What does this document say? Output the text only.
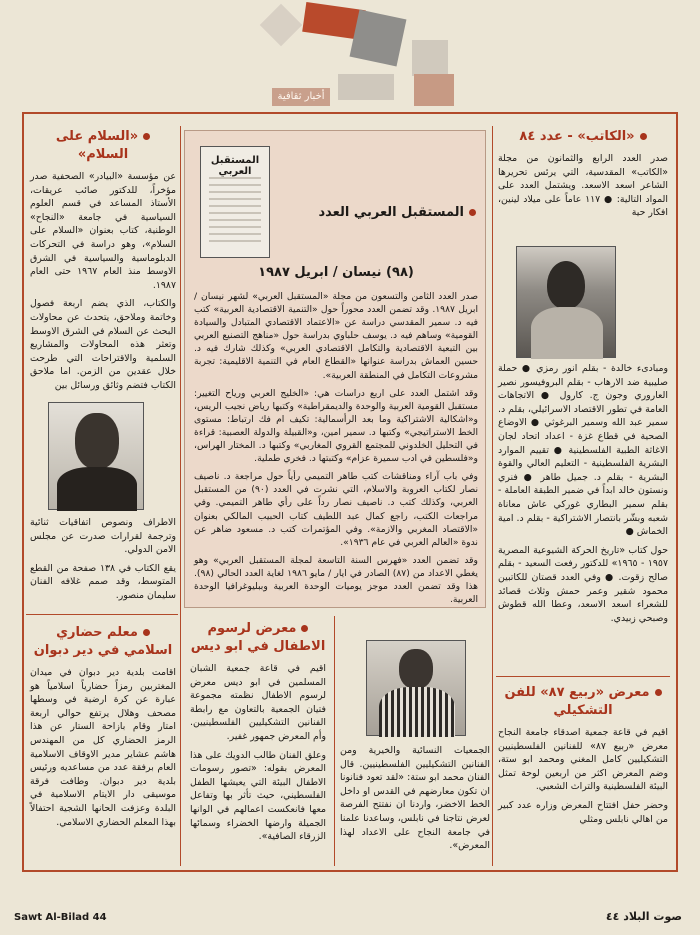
أخبار ثقافية
«الكاتب» - عدد ٨٤

صدر العدد الرابع والثمانون من مجلة «الكاتب» المقدسية، التي يرئس تحريرها الشاعر اسعد الاسعد. ويشتمل العدد على المواد التالية: ● ١١٧ عاماً على ميلاد لينين، افكار حية

ومبادىء خالدة - بقلم انور رمزي ● حملة صليبية ضد الارهاب - بقلم البروفيسور نصير العاروري وجون ج. كارول ● الاتجاهات العامة في تطور الاقتصاد الاسرائيلي، بقلم د. سمير عبد الله وسمير البرغوثي ● الاوضاع الصحية في قطاع غزة - اعداد اتحاد لجان الاغاثة الطبية الفلسطينية ● تقييم الموارد البشرية الفلسطينية - التعليم العالي والقوة البشرية - بقلم د. جميل طاهر ● فنري ونستون خالد ابداً في ضمير الطبقة العاملة - بقلم سمير البطاري غوركي عاش معاناة شعبه وبشّر بانتصار الاشتراكية - بقلم د. امية الخماش ●

حول كتاب «تاريخ الحركة الشيوعية المصرية ١٩٥٧ - ١٩٦٥» للدكتور رفعت السعيد - بقلم صالح زقوت. ● وفي العدد قصتان للكاتبين محمود شقير وعمر حمش وثلاث قصائد للشعراء اسعد الاسعد، وعطا الله قطوش وصبحي زبيدي.

معرض «ربيع ٨٧» للفن التشكيلي

اقيم في قاعة جمعية اصدقاء جامعة النجاح معرض «ربيع ٨٧» للفنانين الفلسطينيين التشكيليين كامل المغني ومحمد ابو ستة، وضم المعرض اكثر من اربعين لوحة تمثل البيئة الفلسطينية والتراث الشعبي.

وحضر حفل افتتاح المعرض وزاره عدد كبير من اهالي نابلس ومثلي

المستقبل العربي
المستقبل العربي العدد
(٩٨) نيسان / ابريل ١٩٨٧

صدر العدد الثامن والتسعون من مجلة «المستقبل العربي» لشهر نيسان / ابريل ١٩٨٧. وقد تضمن العدد محوراً حول «التنمية الاقتصادية العربية» كتب فيه د. سمير المقدسي دراسة عن «الاعتماد الاقتصادي المتبادل والسيادة القومية» وساهم فيه د. يوسف حلباوي بدراسة حول «مناهج التصنيع العربي بين التبعية الاقتصادية والتكامل الاقتصادي العربي» وكذلك شارك فيه د. حسين العماش بدراسة عنوانها «القطاع العام في التنمية الاقليمية: تجربة مشروعات التكامل في المنطقة العربية».

وقد اشتمل العدد على اربع دراسات هي: «الخليج العربي ورياح التغيير: مستقبل القومية العربية والوحدة والديمقراطية» وكتبها رياض نجيب الريس، و«اشكالية الاشتراكية وما بعد الرأسمالية: تكيف ام فك ارتباط: مستوى الخط الاستراتيجي» وكتبها د. سمير امين، و«القبيلة والدولة العصبية: قراءة في التحليل الخلدوني للمجتمع القروي المغاربي» وكتبها د. المختار الهراس، و«فلسطين في ادب سميرة عزام» وكتبتها د. فخري طملية.

وفي باب آراء ومناقشات كتب طاهر التميمي رأياً حول مراجعة د. ناصيف نصار لكتاب العروبة والاسلام، التي نشرت في العدد (٩٠) من المستقبل العربي، وكذلك كتب د. ناصيف نصار رداً على رأي طاهر التميمي. وفي مراجعات الكتب، راجع كمال عبد اللطيف كتاب الحبيب المالكي بعنوان «الاقتصاد المغربي والازمة». وفي المؤتمرات كتب د. مسعود ضاهر عن ندوة «العالم العربي في عام ١٩٣٦».

وقد تضمن العدد «فهرس السنة التاسعة لمجلة المستقبل العربي» وهو يغطي الاعداد من (٨٧) الصادر في ايار / مايو ١٩٨٦ لغاية العدد الحالي (٩٨). هذا وقد تضمن العدد موجز يوميات الوحدة العربية وببليوغرافيا الوحدة العربية.

«السلام على السلام»

عن مؤسسة «البيادر» الصحفية صدر مؤخراً، للدكتور صائب عريقات، الأستاذ المساعد في قسم العلوم السياسية في جامعة «النجاح» الوطنية، كتاب بعنوان «السلام على السلام»، وهو دراسة في التحركات الدبلوماسية والسياسية في الشرق الاوسط منذ العام ١٩٦٧ حتى العام ١٩٨٧.

والكتاب، الذي يضم اربعة فصول وخاتمة وملاحق، يتحدث عن محاولات البحث عن السلام في الشرق الاوسط وتعثر هذه المحاولات والمشاريع السلمية والاقتراحات التي طرحت خلال عقدين من الزمن. اما ملاحق الكتاب فتضم وثائق ورسائل بين

الاطراف ونصوص اتفاقيات ثنائية وترجمة لقرارات صدرت عن مجلس الامن الدولي.

يقع الكتاب في ١٣٨ صفحة من القطع المتوسط، وقد صمم غلافه الفنان سليمان منصور.

معلم حضاري اسلامي في دير دبوان

اقامت بلدية دير دبوان في ميدان المغتربين رمزاً حضارياً اسلامياً هو عبارة عن كرة ارضية في وسطها مصحف وهلال يرتفع حوالي اربعة امتار وقام بازاحة الستار عن هذا الرمز الحضاري كل من المهندس هاشم عشاير مدير الاوقاف الاسلامية العام برفقة عدد من مساعديه ورئيس بلدية دير دبوان. وطافت فرقة موسيقى دار الايتام الاسلامية في البلدة وعزفت الحانها الشجية احتفالاً بهذا المعلم الحضاري الاسلامي.

معرض لرسوم الاطفال في ابو ديس

اقيم في قاعة جمعية الشبان المسلمين في ابو ديس معرض لرسوم الاطفال نظمته مجموعة فتيان الجمعية بالتعاون مع رابطة الفنانين التشكيليين الفلسطينيين. وأم المعرض جمهور غفير.

وعلق الفنان طالب الدويك على هذا المعرض بقوله: «تصور رسومات الاطفال البيئة التي يعيشها الطفل الفلسطيني، حيث تأثر بها وتفاعل معها فانعكست اعمالهم في الوانها الجميلة وارضها الخضراء وسمائها الزرقاء الصافية».

الجمعيات النسائية والخيرية ومن الفنانين التشكيليين الفلسطينيين. قال الفنان محمد ابو ستة: «لقد تعود فنانونا ان تكون معارضهم في القدس او داخل الخط الاخضر، واردنا ان نفتتح الفرصة لعرض نتاجنا في نابلس، وساعدنا علمنا في جامعة النجاح على الاعداد لهذا المعرض».

Sawt Al-Bilad 44	صوت البلاد ٤٤
